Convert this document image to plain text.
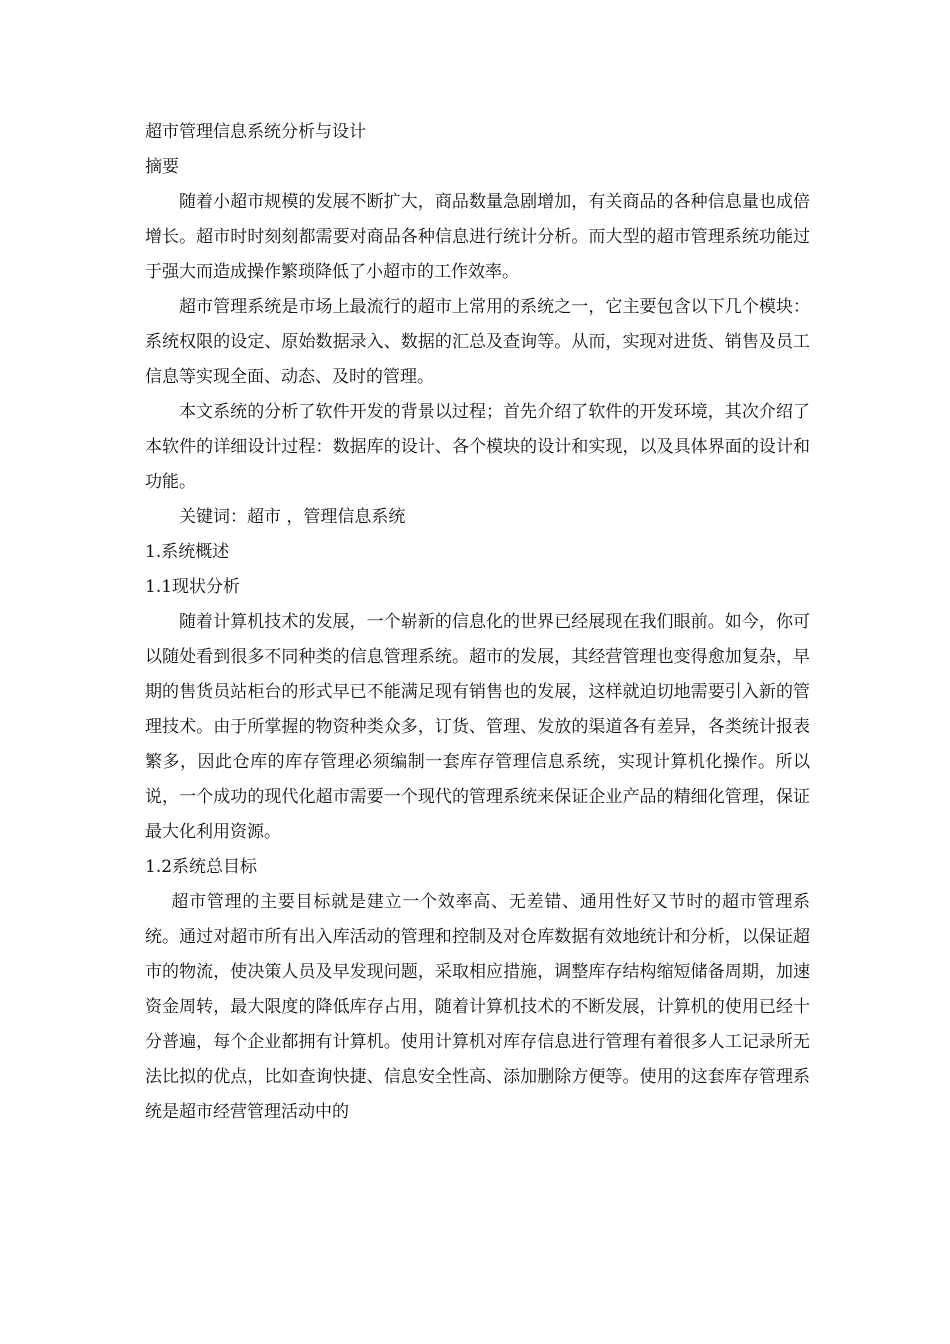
超市管理信息系统分析与设计

摘要

随着小超市规模的发展不断扩大，商品数量急剧增加，有关商品的各种信息量也成倍增长。超市时时刻刻都需要对商品各种信息进行统计分析。而大型的超市管理系统功能过于强大而造成操作繁琐降低了小超市的工作效率。

超市管理系统是市场上最流行的超市上常用的系统之一，它主要包含以下几个模块：系统权限的设定、原始数据录入、数据的汇总及查询等。从而，实现对进货、销售及员工信息等实现全面、动态、及时的管理。

本文系统的分析了软件开发的背景以过程；首先介绍了软件的开发环境，其次介绍了本软件的详细设计过程：数据库的设计、各个模块的设计和实现，以及具体界面的设计和功能。

关键词：超市 ，管理信息系统

1.系统概述

1.1现状分析

随着计算机技术的发展，一个崭新的信息化的世界已经展现在我们眼前。如今，你可以随处看到很多不同种类的信息管理系统。超市的发展，其经营管理也变得愈加复杂，早期的售货员站柜台的形式早已不能满足现有销售也的发展，这样就迫切地需要引入新的管理技术。由于所掌握的物资种类众多，订货、管理、发放的渠道各有差异，各类统计报表繁多，因此仓库的库存管理必须编制一套库存管理信息系统，实现计算机化操作。所以说，一个成功的现代化超市需要一个现代的管理系统来保证企业产品的精细化管理，保证最大化利用资源。

1.2系统总目标

超市管理的主要目标就是建立一个效率高、无差错、通用性好又节时的超市管理系统。通过对超市所有出入库活动的管理和控制及对仓库数据有效地统计和分析，以保证超市的物流，使决策人员及早发现问题，采取相应措施，调整库存结构缩短储备周期，加速资金周转，最大限度的降低库存占用，随着计算机技术的不断发展，计算机的使用已经十分普遍，每个企业都拥有计算机。使用计算机对库存信息进行管理有着很多人工记录所无法比拟的优点，比如查询快捷、信息安全性高、添加删除方便等。使用的这套库存管理系统是超市经营管理活动中的
